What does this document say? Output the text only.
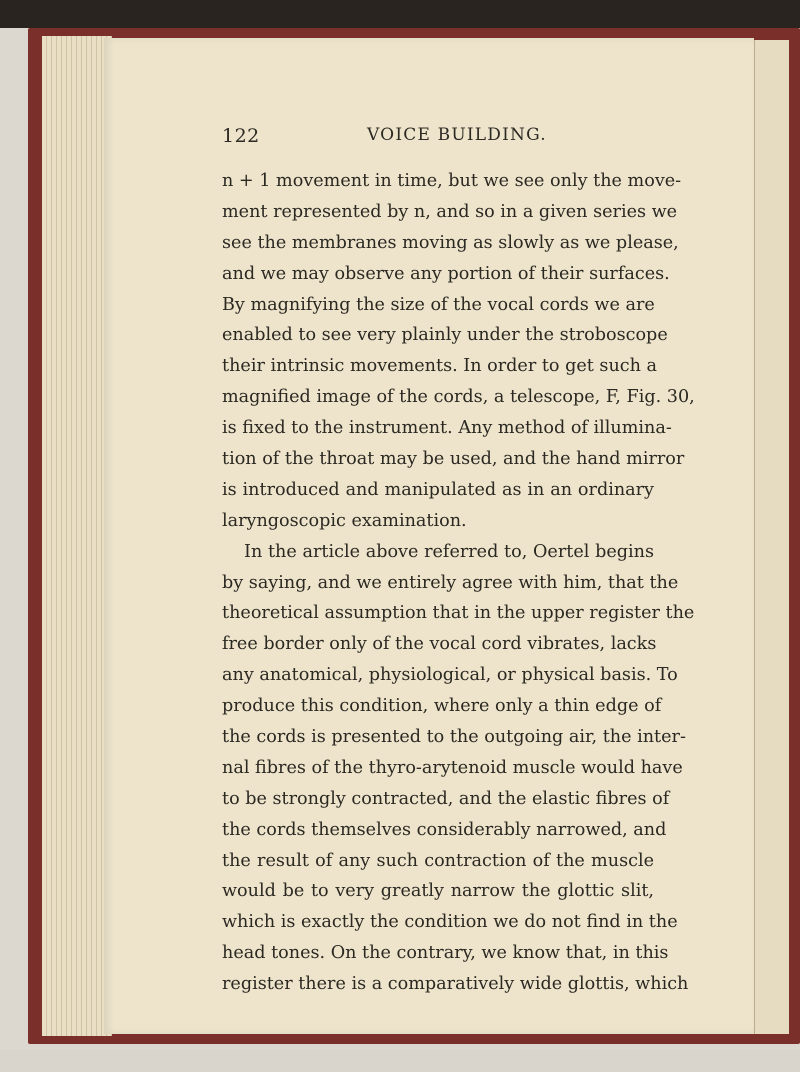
122	VOICE BUILDING.
n + 1 movement in time, but we see only the move-
ment represented by n, and so in a given series we
see the membranes moving as slowly as we please,
and we may observe any portion of their surfaces.
By magnifying the size of the vocal cords we are
enabled to see very plainly under the stroboscope
their intrinsic movements. In order to get such a
magnified image of the cords, a telescope, F, Fig. 30,
is fixed to the instrument. Any method of illumina-
tion of the throat may be used, and the hand mirror
is introduced and manipulated as in an ordinary
laryngoscopic examination.
In the article above referred to, Oertel begins
by saying, and we entirely agree with him, that the
theoretical assumption that in the upper register the
free border only of the vocal cord vibrates, lacks
any anatomical, physiological, or physical basis. To
produce this condition, where only a thin edge of
the cords is presented to the outgoing air, the inter-
nal fibres of the thyro-arytenoid muscle would have
to be strongly contracted, and the elastic fibres of
the cords themselves considerably narrowed, and
the result of any such contraction of the muscle
would be to very greatly narrow the glottic slit,
which is exactly the condition we do not find in the
head tones. On the contrary, we know that, in this
register there is a comparatively wide glottis, which
